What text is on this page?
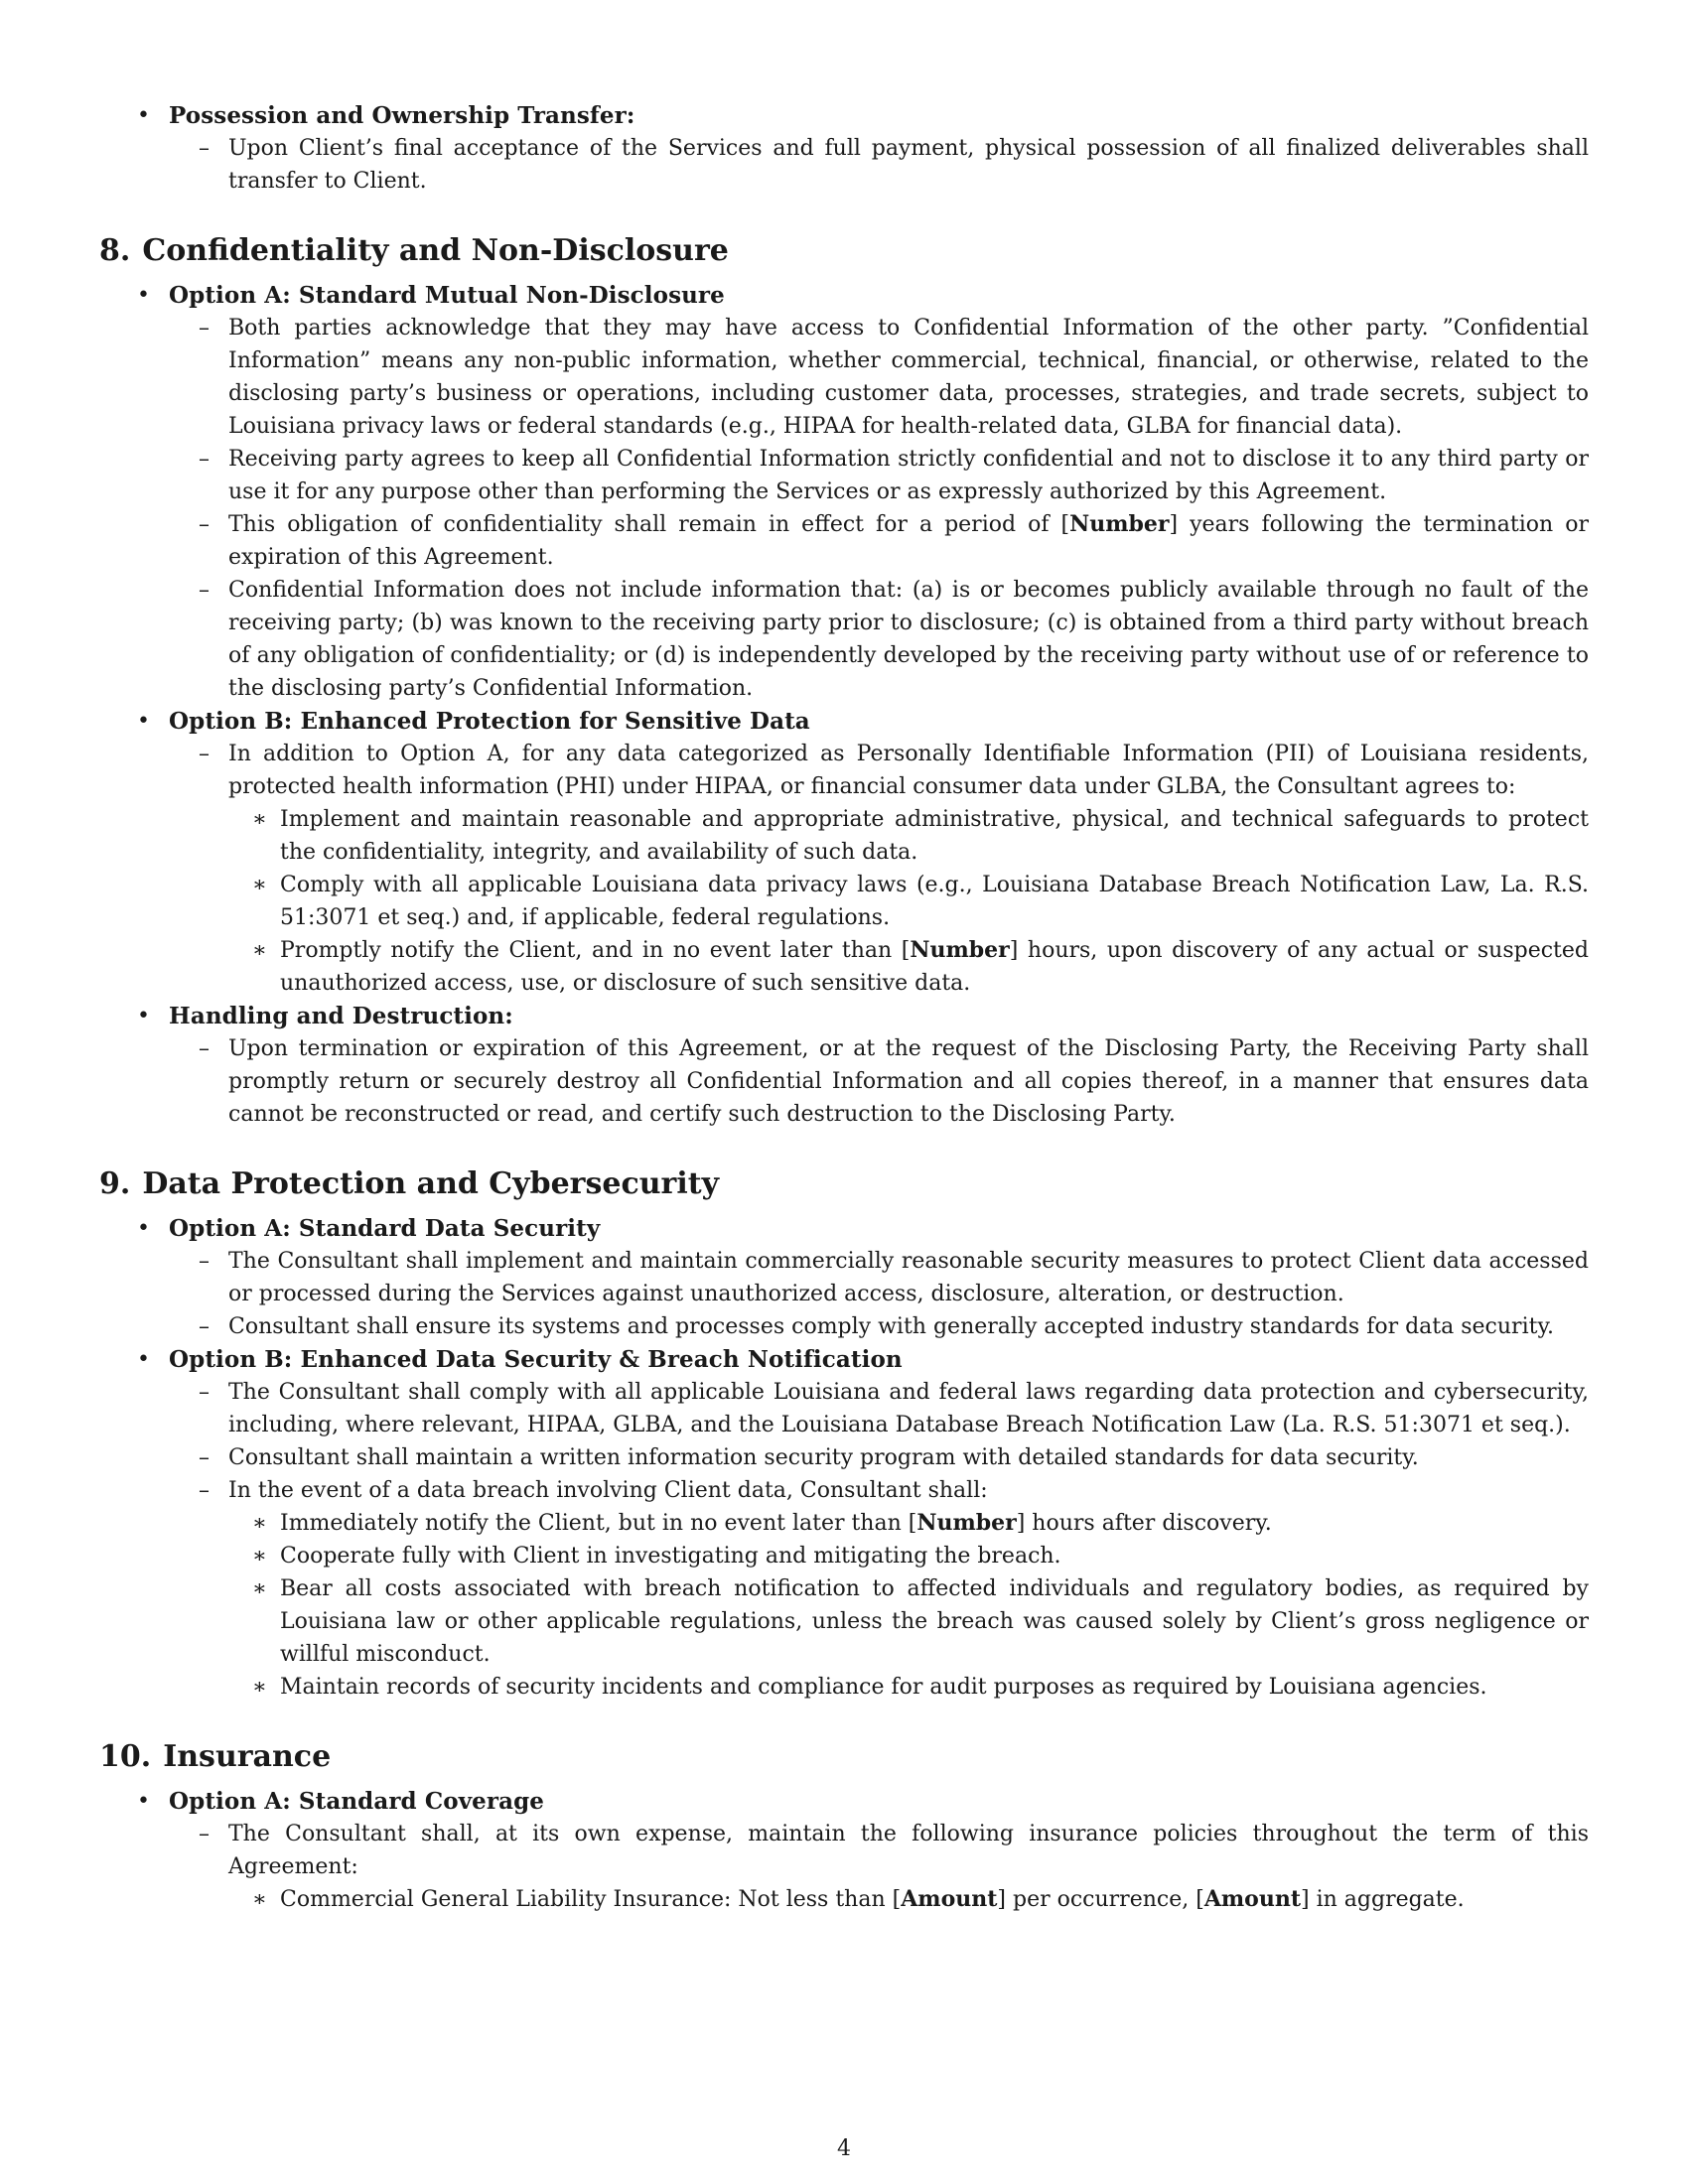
• Possession and Ownership Transfer:
– Upon Client’s final acceptance of the Services and full payment, physical possession of all finalized deliverables shall transfer to Client.
8. Confidentiality and Non-Disclosure
• Option A: Standard Mutual Non-Disclosure
– Both parties acknowledge that they may have access to Confidential Information of the other party. ”Confidential Information” means any non-public information, whether commercial, technical, financial, or otherwise, related to the disclosing party’s business or operations, including customer data, processes, strategies, and trade secrets, subject to Louisiana privacy laws or federal standards (e.g., HIPAA for health-related data, GLBA for financial data).
– Receiving party agrees to keep all Confidential Information strictly confidential and not to disclose it to any third party or use it for any purpose other than performing the Services or as expressly authorized by this Agreement.
– This obligation of confidentiality shall remain in effect for a period of [Number] years following the termination or expiration of this Agreement.
– Confidential Information does not include information that: (a) is or becomes publicly available through no fault of the receiving party; (b) was known to the receiving party prior to disclosure; (c) is obtained from a third party without breach of any obligation of confidentiality; or (d) is independently developed by the receiving party without use of or reference to the disclosing party’s Confidential Information.
• Option B: Enhanced Protection for Sensitive Data
– In addition to Option A, for any data categorized as Personally Identifiable Information (PII) of Louisiana residents, protected health information (PHI) under HIPAA, or financial consumer data under GLBA, the Consultant agrees to:
∗ Implement and maintain reasonable and appropriate administrative, physical, and technical safeguards to protect the confidentiality, integrity, and availability of such data.
∗ Comply with all applicable Louisiana data privacy laws (e.g., Louisiana Database Breach Notification Law, La. R.S. 51:3071 et seq.) and, if applicable, federal regulations.
∗ Promptly notify the Client, and in no event later than [Number] hours, upon discovery of any actual or suspected unauthorized access, use, or disclosure of such sensitive data.
• Handling and Destruction:
– Upon termination or expiration of this Agreement, or at the request of the Disclosing Party, the Receiving Party shall promptly return or securely destroy all Confidential Information and all copies thereof, in a manner that ensures data cannot be reconstructed or read, and certify such destruction to the Disclosing Party.
9. Data Protection and Cybersecurity
• Option A: Standard Data Security
– The Consultant shall implement and maintain commercially reasonable security measures to protect Client data accessed or processed during the Services against unauthorized access, disclosure, alteration, or destruction.
– Consultant shall ensure its systems and processes comply with generally accepted industry standards for data security.
• Option B: Enhanced Data Security & Breach Notification
– The Consultant shall comply with all applicable Louisiana and federal laws regarding data protection and cybersecurity, including, where relevant, HIPAA, GLBA, and the Louisiana Database Breach Notification Law (La. R.S. 51:3071 et seq.).
– Consultant shall maintain a written information security program with detailed standards for data security.
– In the event of a data breach involving Client data, Consultant shall:
∗ Immediately notify the Client, but in no event later than [Number] hours after discovery.
∗ Cooperate fully with Client in investigating and mitigating the breach.
∗ Bear all costs associated with breach notification to affected individuals and regulatory bodies, as required by Louisiana law or other applicable regulations, unless the breach was caused solely by Client’s gross negligence or willful misconduct.
∗ Maintain records of security incidents and compliance for audit purposes as required by Louisiana agencies.
10. Insurance
• Option A: Standard Coverage
– The Consultant shall, at its own expense, maintain the following insurance policies throughout the term of this Agreement:
∗ Commercial General Liability Insurance: Not less than [Amount] per occurrence, [Amount] in aggregate.
4
